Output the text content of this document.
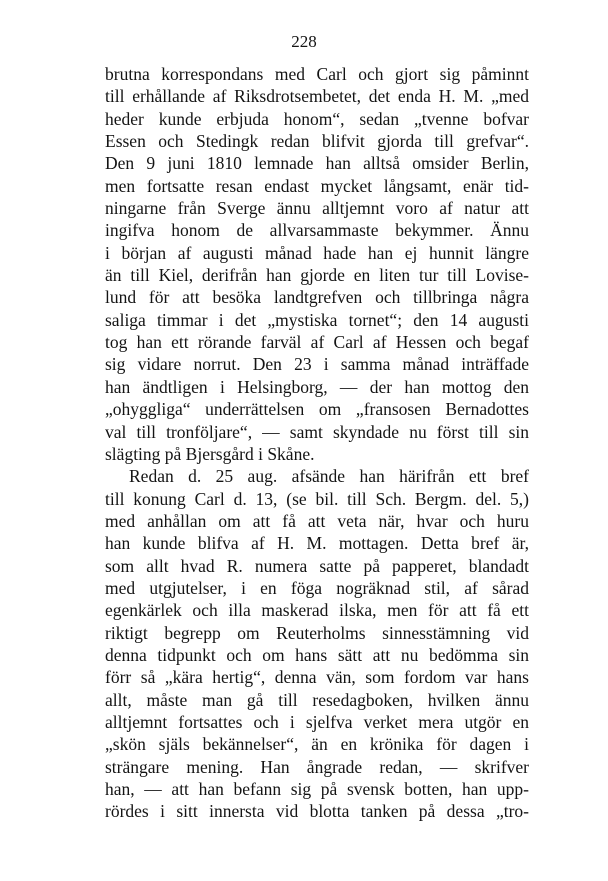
228
brutna korrespondans med Carl och gjort sig påminnt
till erhållande af Riksdrotsembetet, det enda H. M. „med
heder kunde erbjuda honom“, sedan „tvenne bofvar
Essen och Stedingk redan blifvit gjorda till grefvar“.
Den 9 juni 1810 lemnade han alltså omsider Berlin,
men fortsatte resan endast mycket långsamt, enär tid-
ningarne från Sverge ännu alltjemnt voro af natur att
ingifva honom de allvarsammaste bekymmer. Ännu
i början af augusti månad hade han ej hunnit längre
än till Kiel, derifrån han gjorde en liten tur till Lovise-
lund för att besöka landtgrefven och tillbringa några
saliga timmar i det „mystiska tornet“; den 14 augusti
tog han ett rörande farväl af Carl af Hessen och begaf
sig vidare norrut. Den 23 i samma månad inträffade
han ändtligen i Helsingborg, — der han mottog den
„ohyggliga“ underrättelsen om „fransosen Bernadottes
val till tronföljare“, — samt skyndade nu först till sin
slägting på Bjersgård i Skåne.
Redan d. 25 aug. afsände han härifrån ett bref
till konung Carl d. 13, (se bil. till Sch. Bergm. del. 5,)
med anhållan om att få att veta när, hvar och huru
han kunde blifva af H. M. mottagen. Detta bref är,
som allt hvad R. numera satte på papperet, blandadt
med utgjutelser, i en föga nogräknad stil, af sårad
egenkärlek och illa maskerad ilska, men för att få ett
riktigt begrepp om Reuterholms sinnesstämning vid
denna tidpunkt och om hans sätt att nu bedömma sin
förr så „kära hertig“, denna vän, som fordom var hans
allt, måste man gå till resedagboken, hvilken ännu
alltjemnt fortsattes och i sjelfva verket mera utgör en
„skön själs bekännelser“, än en krönika för dagen i
strängare mening. Han ångrade redan, — skrifver
han, — att han befann sig på svensk botten, han upp-
rördes i sitt innersta vid blotta tanken på dessa „tro-
